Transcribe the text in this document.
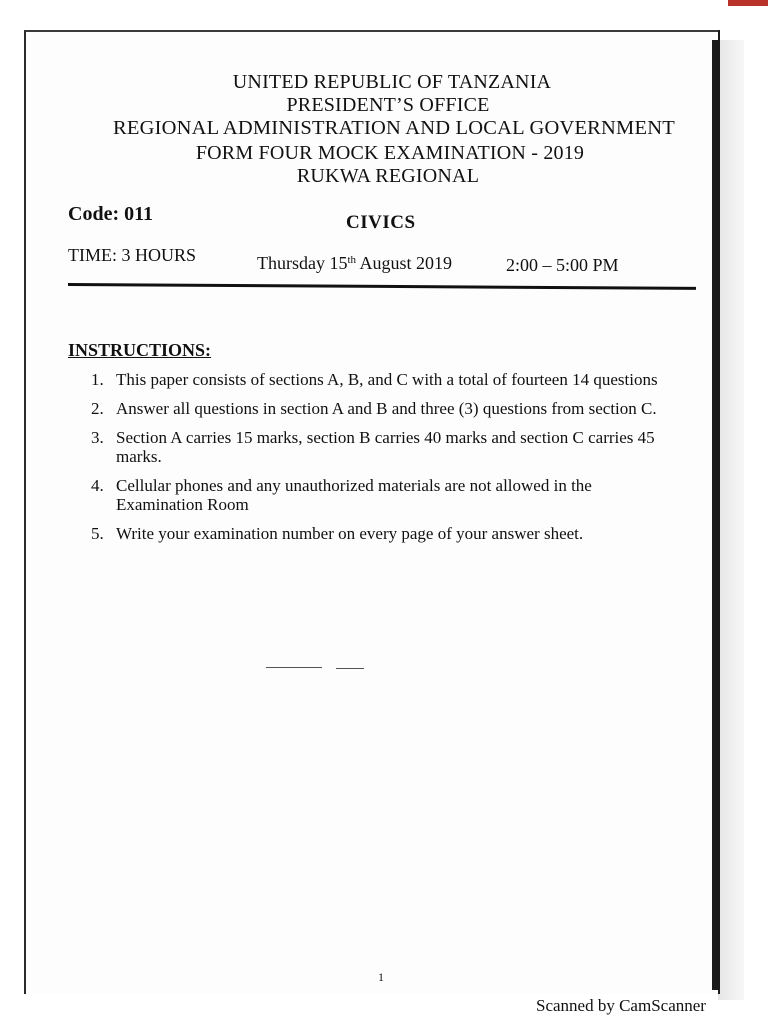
UNITED REPUBLIC OF TANZANIA
PRESIDENT’S OFFICE
REGIONAL ADMINISTRATION AND LOCAL GOVERNMENT
FORM FOUR MOCK EXAMINATION - 2019
RUKWA REGIONAL
Code: 011	CIVICS
TIME: 3 HOURS	Thursday 15th August 2019	2:00 – 5:00 PM
INSTRUCTIONS:
1. This paper consists of sections A, B, and C with a total of fourteen 14 questions
2. Answer all questions in section A and B and three (3) questions from section C.
3. Section A carries 15 marks, section B carries 40 marks and section C carries 45 marks.
4. Cellular phones and any unauthorized materials are not allowed in the Examination Room
5. Write your examination number on every page of your answer sheet.
1
Scanned by CamScanner
